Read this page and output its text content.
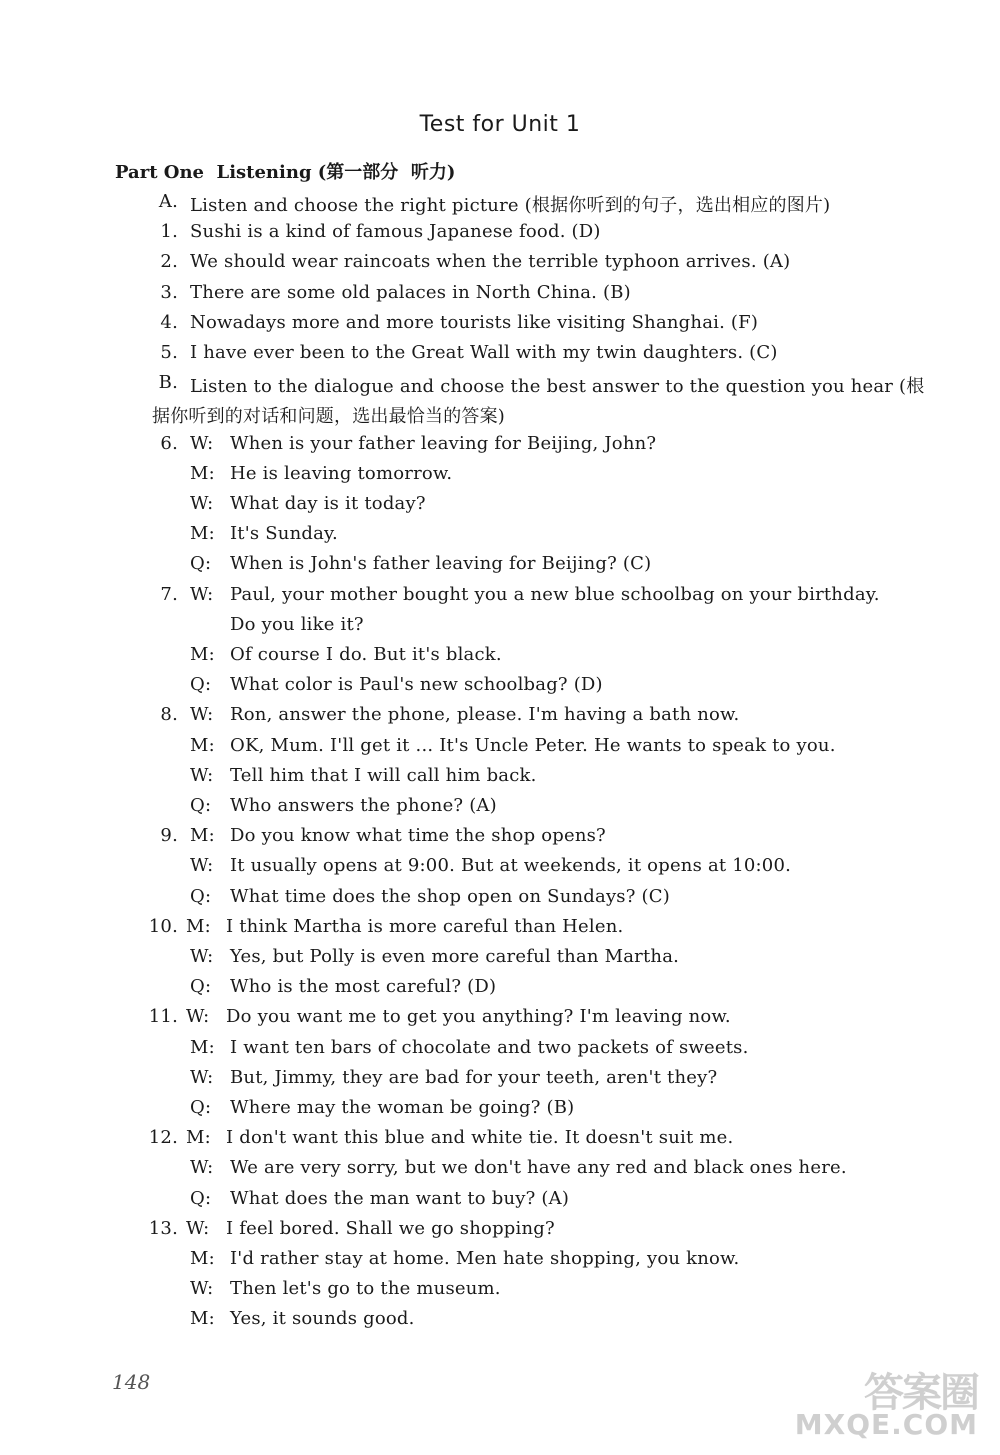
Test for Unit 1
Part One  Listening (第一部分  听力)
A. Listen and choose the right picture (根据你听到的句子，选出相应的图片)
1. Sushi is a kind of famous Japanese food. (D)
2. We should wear raincoats when the terrible typhoon arrives. (A)
3. There are some old palaces in North China. (B)
4. Nowadays more and more tourists like visiting Shanghai. (F)
5. I have ever been to the Great Wall with my twin daughters. (C)
B. Listen to the dialogue and choose the best answer to the question you hear (根
据你听到的对话和问题，选出最恰当的答案)
6. W: When is your father leaving for Beijing, John?
M: He is leaving tomorrow.
W: What day is it today?
M: It's Sunday.
Q:	When is John's father leaving for Beijing? (C)
7. W: Paul, your mother bought you a new blue schoolbag on your birthday.
Do you like it?
M: Of course I do. But it's black.
Q:	What color is Paul's new schoolbag? (D)
8. W: Ron, answer the phone, please. I'm having a bath now.
M: OK, Mum. I'll get it ... It's Uncle Peter. He wants to speak to you.
W: Tell him that I will call him back.
Q:	Who answers the phone? (A)
9. M: Do you know what time the shop opens?
W: It usually opens at 9:00. But at weekends, it opens at 10:00.
Q:	What time does the shop open on Sundays? (C)
10. M: I think Martha is more careful than Helen.
W: Yes, but Polly is even more careful than Martha.
Q:	Who is the most careful? (D)
11. W: Do you want me to get you anything? I'm leaving now.
M: I want ten bars of chocolate and two packets of sweets.
W: But, Jimmy, they are bad for your teeth, aren't they?
Q:	Where may the woman be going? (B)
12. M: I don't want this blue and white tie. It doesn't suit me.
W: We are very sorry, but we don't have any red and black ones here.
Q:	What does the man want to buy? (A)
13. W: I feel bored. Shall we go shopping?
M: I'd rather stay at home. Men hate shopping, you know.
W: Then let's go to the museum.
M: Yes, it sounds good.
148	答案圈
MXQE.COM
